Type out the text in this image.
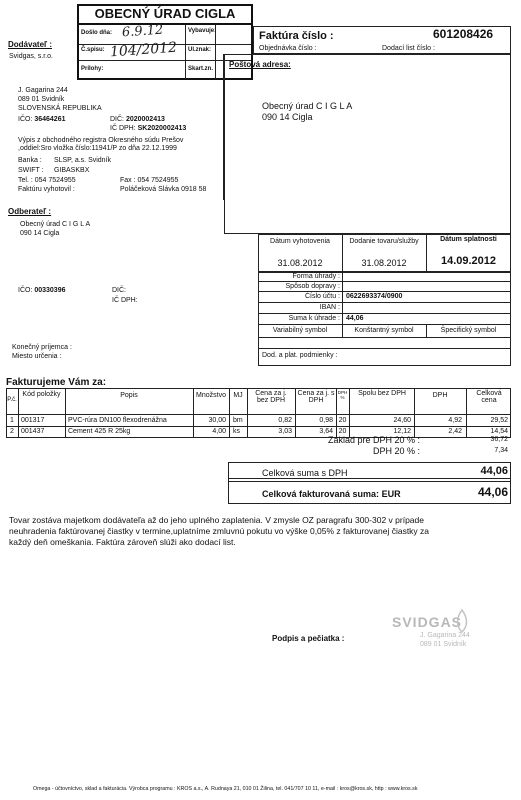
OBECNÝ ÚRAD CIGLA
Došlo dňa: 6.9.12	Vybavuje:
Č.spisu: 104/2012 Ul.znak:
Prílohy:	Skart.zn.
Faktúra číslo :	601208426
Objednávka číslo :	Dodací list číslo :
Dodávateľ :
Svidgas, s.r.o.
J. Gagarina 244
089 01 Svidník
SLOVENSKÁ REPUBLIKA
IČO: 36464261	DIČ: 2020002413
IČ DPH: SK2020002413
Výpis z obchodného registra Okresného súdu Prešov
,oddiel:Sro vložka číslo:11941/P zo dňa 22.12.1999
Banka : SLSP, a.s. Svidník
SWIFT : GIBASKBX
Tel. : 054 7524955	Fax : 054 7524955
Faktúru vyhotovil :	Poláčeková Slávka 0918 58
Poštová adresa:
Obecný úrad C I G L A
090 14 Cigla
Odberateľ :
Obecný úrad C I G L A
090 14 Cigla
IČO: 00330396	DIČ:
IČ DPH:
Konečný príjemca :
Miesto určenia :
Dátum vyhotovenia	Dodanie tovaru/služby	Dátum splatnosti
31.08.2012	31.08.2012	14.09.2012
Forma úhrady :
Spôsob dopravy :
Číslo účtu : 0622693374/0900
IBAN :
Suma k úhrade : 44,06
Variabilný symbol	Konštantný symbol	Špecifický symbol
Dod. a plat. podmienky :
Fakturujeme Vám za:
P.č.
Kód položky	Popis	Množstvo	MJ	Cena za j. bez DPH
Cena za j. s DPH
DPH %
Spolu bez DPH	DPH	Celková cena
1	001317	PVC-rúra DN100 flexodrenážna	30,00 bm	0,82	0,98 20	24,60	4,92	29,52
2	001437	Cement 425 R 25kg	4,00 ks	3,03	3,64 20	12,12	2,42	14,54
Základ pre DPH 20 % :	36,72
DPH 20 % :	7,34
Celková suma s DPH	44,06
Celková fakturovaná suma: EUR	44,06
Tovar zostáva majetkom dodávateľa až do jeho uplného zaplatenia. V zmysle OZ paragrafu 300-302 v prípade
neuhradenia faktúrovanej čiastky v termine,uplatníme zmluvnú pokutu vo výške 0,05% z fakturovanej čiastky za
každý deň omeškania. Faktúra zároveň slúži ako dodací list.
Podpis a pečiatka :
SVIDGAS
J. Gagarina 244
089 01 Svidník
Omega - účtovníctvo, sklad a fakturácia. Výrobca programu : KROS a.s., A. Rudnaya 21, 010 01 Žilina, tel. 041/707 10 11, e-mail : kros@kros.sk, http : www.kros.sk
